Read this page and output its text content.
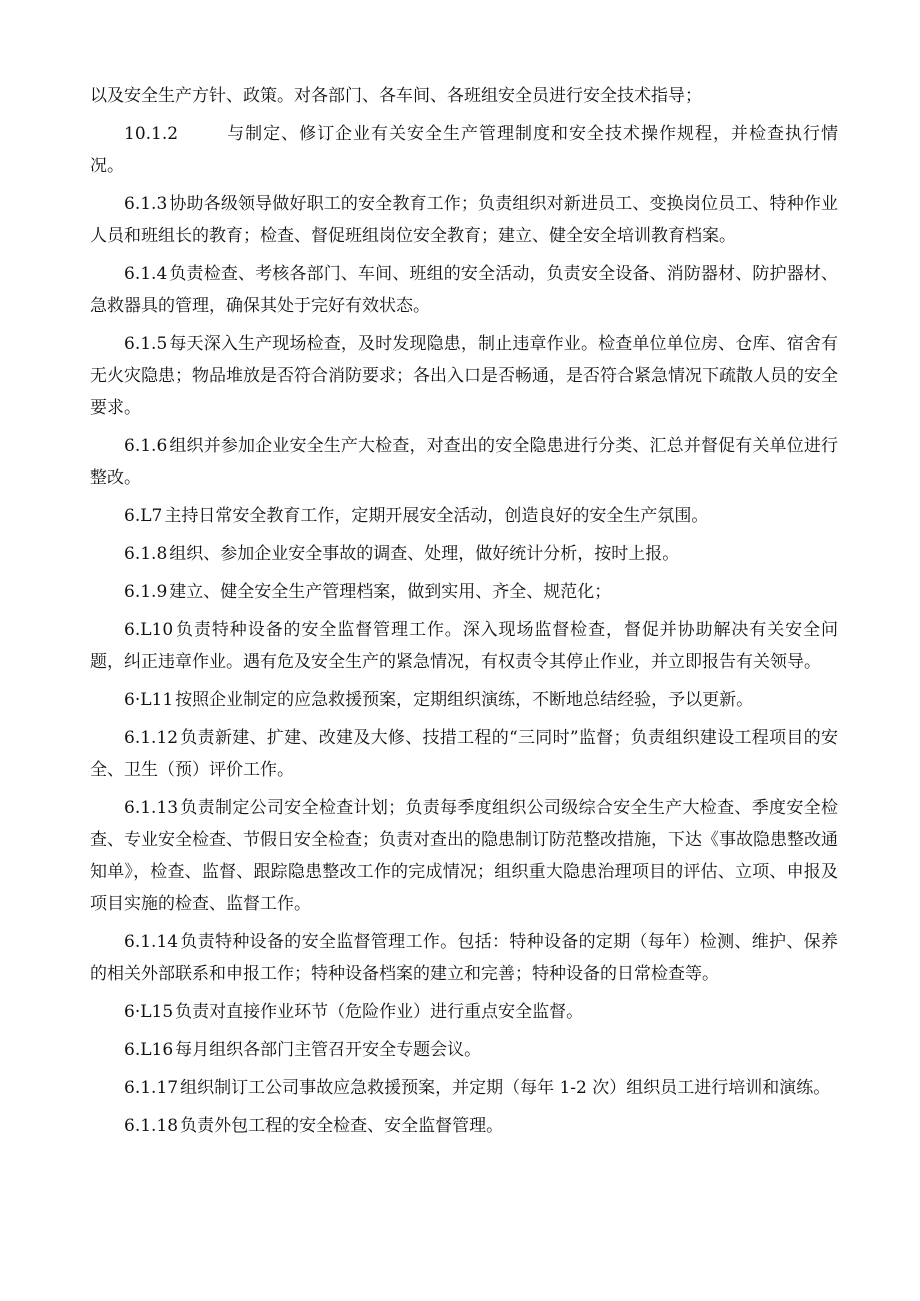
以及安全生产方针、政策。对各部门、各车间、各班组安全员进行安全技术指导；

10.1.2	与制定、修订企业有关安全生产管理制度和安全技术操作规程，并检查执行情况。

6.1.3 协助各级领导做好职工的安全教育工作；负责组织对新进员工、变换岗位员工、特种作业人员和班组长的教育；检查、督促班组岗位安全教育；建立、健全安全培训教育档案。

6.1.4 负责检查、考核各部门、车间、班组的安全活动，负责安全设备、消防器材、防护器材、急救器具的管理，确保其处于完好有效状态。

6.1.5 每天深入生产现场检查，及时发现隐患，制止违章作业。检查单位单位房、仓库、宿舍有无火灾隐患；物品堆放是否符合消防要求；各出入口是否畅通，是否符合紧急情况下疏散人员的安全要求。

6.1.6 组织并参加企业安全生产大检查，对查出的安全隐患进行分类、汇总并督促有关单位进行整改。

6.L7 主持日常安全教育工作，定期开展安全活动，创造良好的安全生产氛围。

6.1.8 组织、参加企业安全事故的调查、处理，做好统计分析，按时上报。

6.1.9 建立、健全安全生产管理档案，做到实用、齐全、规范化；

6.L10 负责特种设备的安全监督管理工作。深入现场监督检查，督促并协助解决有关安全问题，纠正违章作业。遇有危及安全生产的紧急情况，有权责令其停止作业，并立即报告有关领导。

6·L11 按照企业制定的应急救援预案，定期组织演练，不断地总结经验，予以更新。

6.1.12 负责新建、扩建、改建及大修、技措工程的“三同时”监督；负责组织建设工程项目的安全、卫生（预）评价工作。

6.1.13 负责制定公司安全检查计划；负责每季度组织公司级综合安全生产大检查、季度安全检查、专业安全检查、节假日安全检查；负责对查出的隐患制订防范整改措施，下达《事故隐患整改通知单》，检查、监督、跟踪隐患整改工作的完成情况；组织重大隐患治理项目的评估、立项、申报及项目实施的检查、监督工作。

6.1.14 负责特种设备的安全监督管理工作。包括：特种设备的定期（每年）检测、维护、保养的相关外部联系和申报工作；特种设备档案的建立和完善；特种设备的日常检查等。

6·L15 负责对直接作业环节（危险作业）进行重点安全监督。

6.L16 每月组织各部门主管召开安全专题会议。

6.1.17 组织制订工公司事故应急救援预案，并定期（每年 1-2 次）组织员工进行培训和演练。

6.1.18 负责外包工程的安全检查、安全监督管理。
